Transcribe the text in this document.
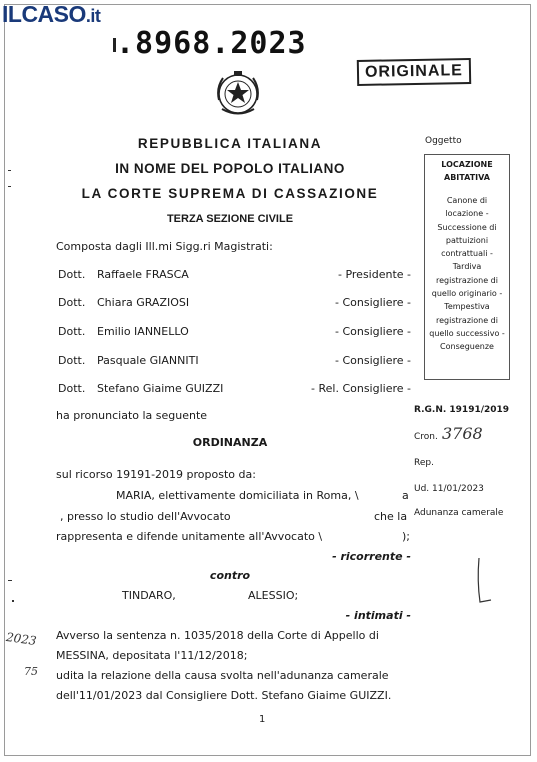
ILCASO.it
.8968.2023
ORIGINALE
REPUBBLICA ITALIANA
IN NOME DEL POPOLO ITALIANO
LA CORTE SUPREMA DI CASSAZIONE
TERZA SEZIONE CIVILE
Composta dagli Ill.mi Sigg.ri Magistrati:
Dott. Raffaele FRASCA	- Presidente -
Dott. Chiara GRAZIOSI	- Consigliere -
Dott. Emilio IANNELLO	- Consigliere -
Dott. Pasquale GIANNITI	- Consigliere -
Dott. Stefano Giaime GUIZZI	- Rel. Consigliere -
ha pronunciato la seguente
ORDINANZA
sul ricorso 19191-2019 proposto da:
MARIA, elettivamente domiciliata in Roma, \	a
, presso lo studio dell'Avvocato	che la
rappresenta e difende unitamente all'Avvocato \	);
- ricorrente -
contro
TINDARO,	ALESSIO;
- intimati -
Avverso la sentenza n. 1035/2018 della Corte di Appello di
MESSINA, depositata l'11/12/2018;
udita la relazione della causa svolta nell'adunanza camerale
dell'11/01/2023 dal Consigliere Dott. Stefano Giaime GUIZZI.
Oggetto
LOCAZIONE
ABITATIVA
Canone di
locazione -
Successione di
pattuizioni
contrattuali -
Tardiva
registrazione di
quello originario -
Tempestiva
registrazione di
quello successivo -
Conseguenze
R.G.N. 19191/2019
Cron. 3768
Rep.
Ud. 11/01/2023
Adunanza camerale
2023
75
1
